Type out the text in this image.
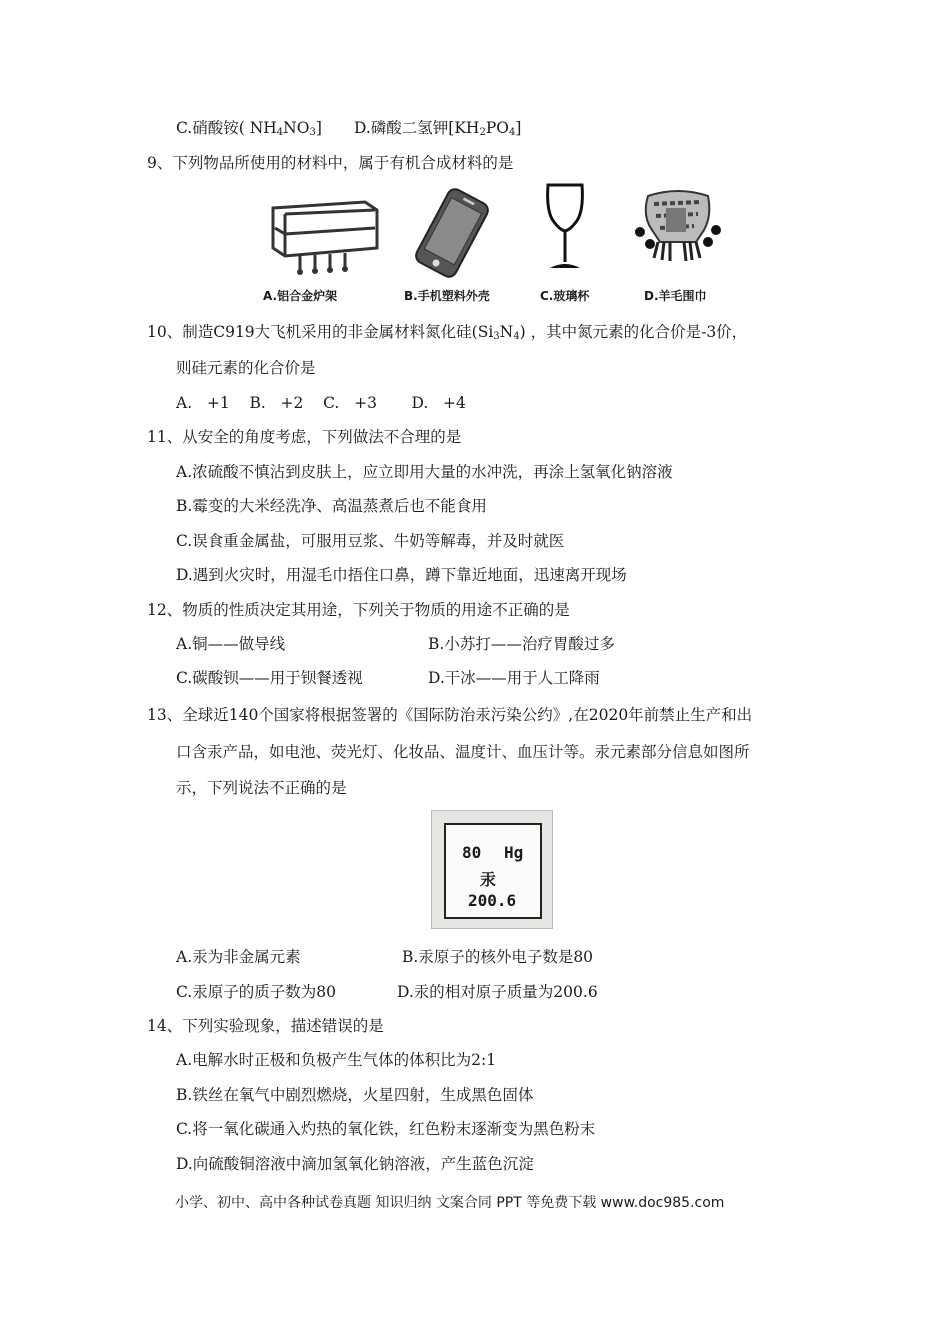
C.硝酸铵( $NH_4NO_3$] D.磷酸二氢钾$[KH_2PO_4]$
9、下列物品所使用的材料中，属于有机合成材料的是
A.铝合金炉架	B.手机塑料外壳	C.玻璃杯	D.羊毛围巾
10、制造C919大飞机采用的非金属材料氮化硅$(Si_3N_4)$ ，其中氮元素的化合价是-3价，
则硅元素的化合价是
A.   +1    B.   +2    C.   +3       D.   +4
11、从安全的角度考虑，下列做法不合理的是
A.浓硫酸不慎沾到皮肤上，应立即用大量的水冲洗，再涂上氢氧化钠溶液
B.霉变的大米经洗净、高温蒸煮后也不能食用
C.误食重金属盐，可服用豆浆、牛奶等解毒，并及时就医
D.遇到火灾时，用湿毛巾捂住口鼻，蹲下靠近地面，迅速离开现场
12、物质的性质决定其用途，下列关于物质的用途不正确的是
A.铜——做导线	B.小苏打——治疗胃酸过多
C.碳酸钡——用于钡餐透视	D.干冰——用于人工降雨
13、全球近140个国家将根据签署的《国际防治汞污染公约》,在2020年前禁止生产和出
口含汞产品，如电池、荧光灯、化妆品、温度计、血压计等。汞元素部分信息如图所
示，下列说法不正确的是
80 Hg
汞
200.6
A.汞为非金属元素	B.汞原子的核外电子数是80
C.汞原子的质子数为80	D.汞的相对原子质量为200.6
14、下列实验现象，描述错误的是
A.电解水时正极和负极产生气体的体积比为2:1
B.铁丝在氧气中剧烈燃烧，火星四射，生成黑色固体
C.将一氧化碳通入灼热的氧化铁，红色粉末逐渐变为黑色粉末
D.向硫酸铜溶液中滴加氢氧化钠溶液，产生蓝色沉淀
小学、初中、高中各种试卷真题 知识归纳 文案合同 PPT 等免费下载 www.doc985.com
